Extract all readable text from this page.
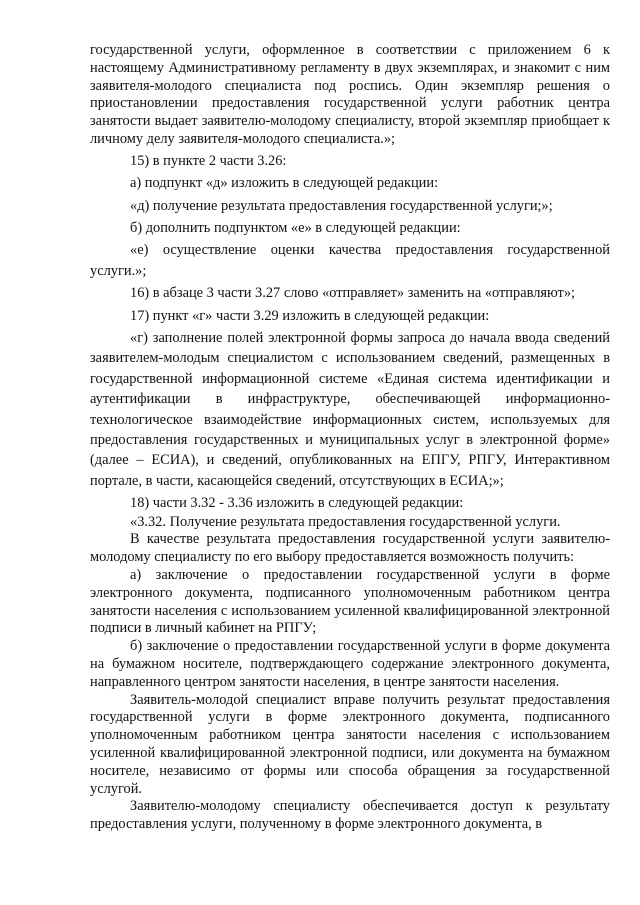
государственной услуги, оформленное в соответствии с приложением 6 к настоящему Административному регламенту в двух экземплярах, и знакомит с ним заявителя-молодого специалиста под роспись. Один экземпляр решения о приостановлении предоставления государственной услуги работник центра занятости выдает заявителю-молодому специалисту, второй экземпляр приобщает к личному делу заявителя-молодого специалиста.»;

15) в пункте 2 части 3.26:

а) подпункт «д» изложить в следующей редакции:

«д) получение результата предоставления государственной услуги;»;

б) дополнить подпунктом «е» в следующей редакции:

«е) осуществление оценки качества предоставления государственной услуги.»;

16) в абзаце 3 части 3.27 слово «отправляет» заменить на «отправляют»;

17) пункт «г» части 3.29 изложить в следующей редакции:

«г) заполнение полей электронной формы запроса до начала ввода сведений заявителем-молодым специалистом с использованием сведений, размещенных в государственной информационной системе «Единая система идентификации и аутентификации в инфраструктуре, обеспечивающей информационно-технологическое взаимодействие информационных систем, используемых для предоставления государственных и муниципальных услуг в электронной форме» (далее – ЕСИА), и сведений, опубликованных на ЕПГУ, РПГУ, Интерактивном портале, в части, касающейся сведений, отсутствующих в ЕСИА;»;

18) части 3.32 - 3.36 изложить в следующей редакции:

«3.32. Получение результата предоставления государственной услуги.

В качестве результата предоставления государственной услуги заявителю-молодому специалисту по его выбору предоставляется возможность получить:

а) заключение о предоставлении государственной услуги в форме электронного документа, подписанного уполномоченным работником центра занятости населения с использованием усиленной квалифицированной электронной подписи в личный кабинет на РПГУ;

б) заключение о предоставлении государственной услуги в форме документа на бумажном носителе, подтверждающего содержание электронного документа, направленного центром занятости населения, в центре занятости населения.

Заявитель-молодой специалист вправе получить результат предоставления государственной услуги в форме электронного документа, подписанного уполномоченным работником центра занятости населения с использованием усиленной квалифицированной электронной подписи, или документа на бумажном носителе, независимо от формы или способа обращения за государственной услугой.

Заявителю-молодому специалисту обеспечивается доступ к результату предоставления услуги, полученному в форме электронного документа, в
